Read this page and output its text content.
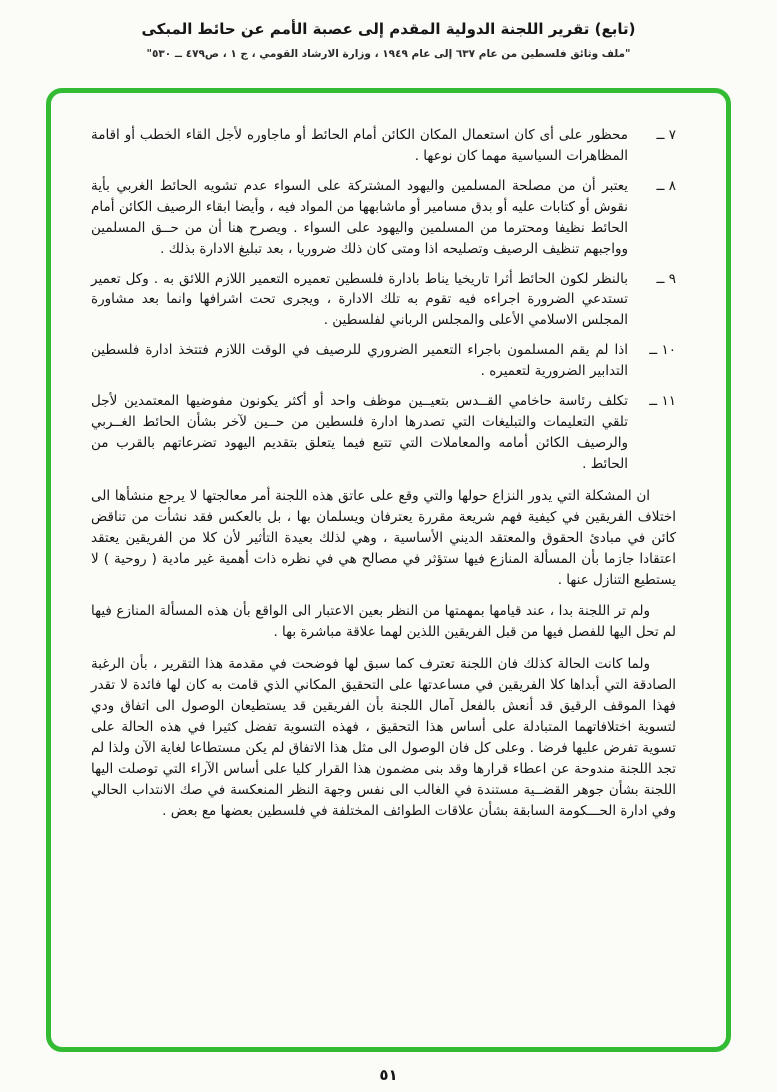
(تابع) تقرير اللجنة الدولية المقدم إلى عصبة الأمم عن حائط المبكى
"ملف وثائق فلسطين من عام ٦٣٧ إلى عام ١٩٤٩ ، وزارة الارشاد القومي ، ج ١ ، ص٤٧٩ ــ ٥٣٠"
٧ ــ
محظور على أى كان استعمال المكان الكائن أمام الحائط أو ماجاوره لأجل القاء الخطب أو اقامة المظاهرات السياسية مهما كان نوعها .
٨ ــ
يعتبر أن من مصلحة المسلمين واليهود المشتركة على السواء عدم تشويه الحائط الغربي بأية نقوش أو كتابات عليه أو بدق مسامير أو ماشابهها من المواد فيه ، وأيضا ابقاء الرصيف الكائن أمام الحائط نظيفا ومحترما من المسلمين واليهود على السواء . ويصرح هنا أن من حــق المسلمين وواجبهم تنظيف الرصيف وتصليحه اذا ومتى كان ذلك ضروريا ، بعد تبليغ الادارة بذلك .
٩ ــ
بالنظر لكون الحائط أثرا تاريخيا يناط بادارة فلسطين تعميره التعمير اللازم اللائق به . وكل تعمير تستدعي الضرورة اجراءه فيه تقوم به تلك الادارة ، ويجرى تحت اشرافها وانما بعد مشاورة المجلس الاسلامي الأعلى والمجلس الرباني لفلسطين .
١٠ ــ
اذا لم يقم المسلمون باجراء التعمير الضروري للرصيف في الوقت اللازم فتتخذ ادارة فلسطين التدابير الضرورية لتعميره .
١١ ــ
تكلف رئاسة حاخامي القــدس بتعيــين موظف واحد أو أكثر يكونون مفوضيها المعتمدين لأجل تلقي التعليمات والتبليغات التي تصدرها ادارة فلسطين من حــين لآخر بشأن الحائط الغــربي والرصيف الكائن أمامه والمعاملات التي تتبع فيما يتعلق بتقديم اليهود تضرعاتهم بالقرب من الحائط .

ان المشكلة التي يدور النزاع حولها والتي وقع على عاتق هذه اللجنة أمر معالجتها لا يرجع منشأها الى اختلاف الفريقين في كيفية فهم شريعة مقررة يعترفان ويسلمان بها ، بل بالعكس فقد نشأت من تناقض كائن في مبادئ الحقوق والمعتقد الديني الأساسية ، وهي لذلك بعيدة التأثير لأن كلا من الفريقين يعتقد اعتقادا جازما بأن المسألة المنازع فيها ستؤثر في مصالح هي في نظره ذات أهمية غير مادية ( روحية ) لا يستطيع التنازل عنها .

ولم تر اللجنة بدا ، عند قيامها بمهمتها من النظر بعين الاعتبار الى الواقع بأن هذه المسألة المنازع فيها لم تحل اليها للفصل فيها من قبل الفريقين اللذين لهما علاقة مباشرة بها .

ولما كانت الحالة كذلك فان اللجنة تعترف كما سبق لها فوضحت في مقدمة هذا التقرير ، بأن الرغبة الصادقة التي أبداها كلا الفريقين في مساعدتها على التحقيق المكاني الذي قامت به كان لها فائدة لا تقدر فهذا الموقف الرقيق قد أنعش بالفعل آمال اللجنة بأن الفريقين قد يستطيعان الوصول الى اتفاق ودي لتسوية اختلافاتهما المتبادلة على أساس هذا التحقيق ، فهذه التسوية تفضل كثيرا في هذه الحالة على تسوية تفرض عليها فرضا . وعلى كل فان الوصول الى مثل هذا الاتفاق لم يكن مستطاعا لغاية الآن ولذا لم تجد اللجنة مندوحة عن اعطاء قرارها وقد بنى مضمون هذا القرار كليا على أساس الآراء التي توصلت اليها اللجنة بشأن جوهر القضــية مستندة في الغالب الى نفس وجهة النظر المنعكسة في صك الانتداب الحالي وفي ادارة الحـــكومة السابقة بشأن علاقات الطوائف المختلفة في فلسطين بعضها مع بعض .

٥١
